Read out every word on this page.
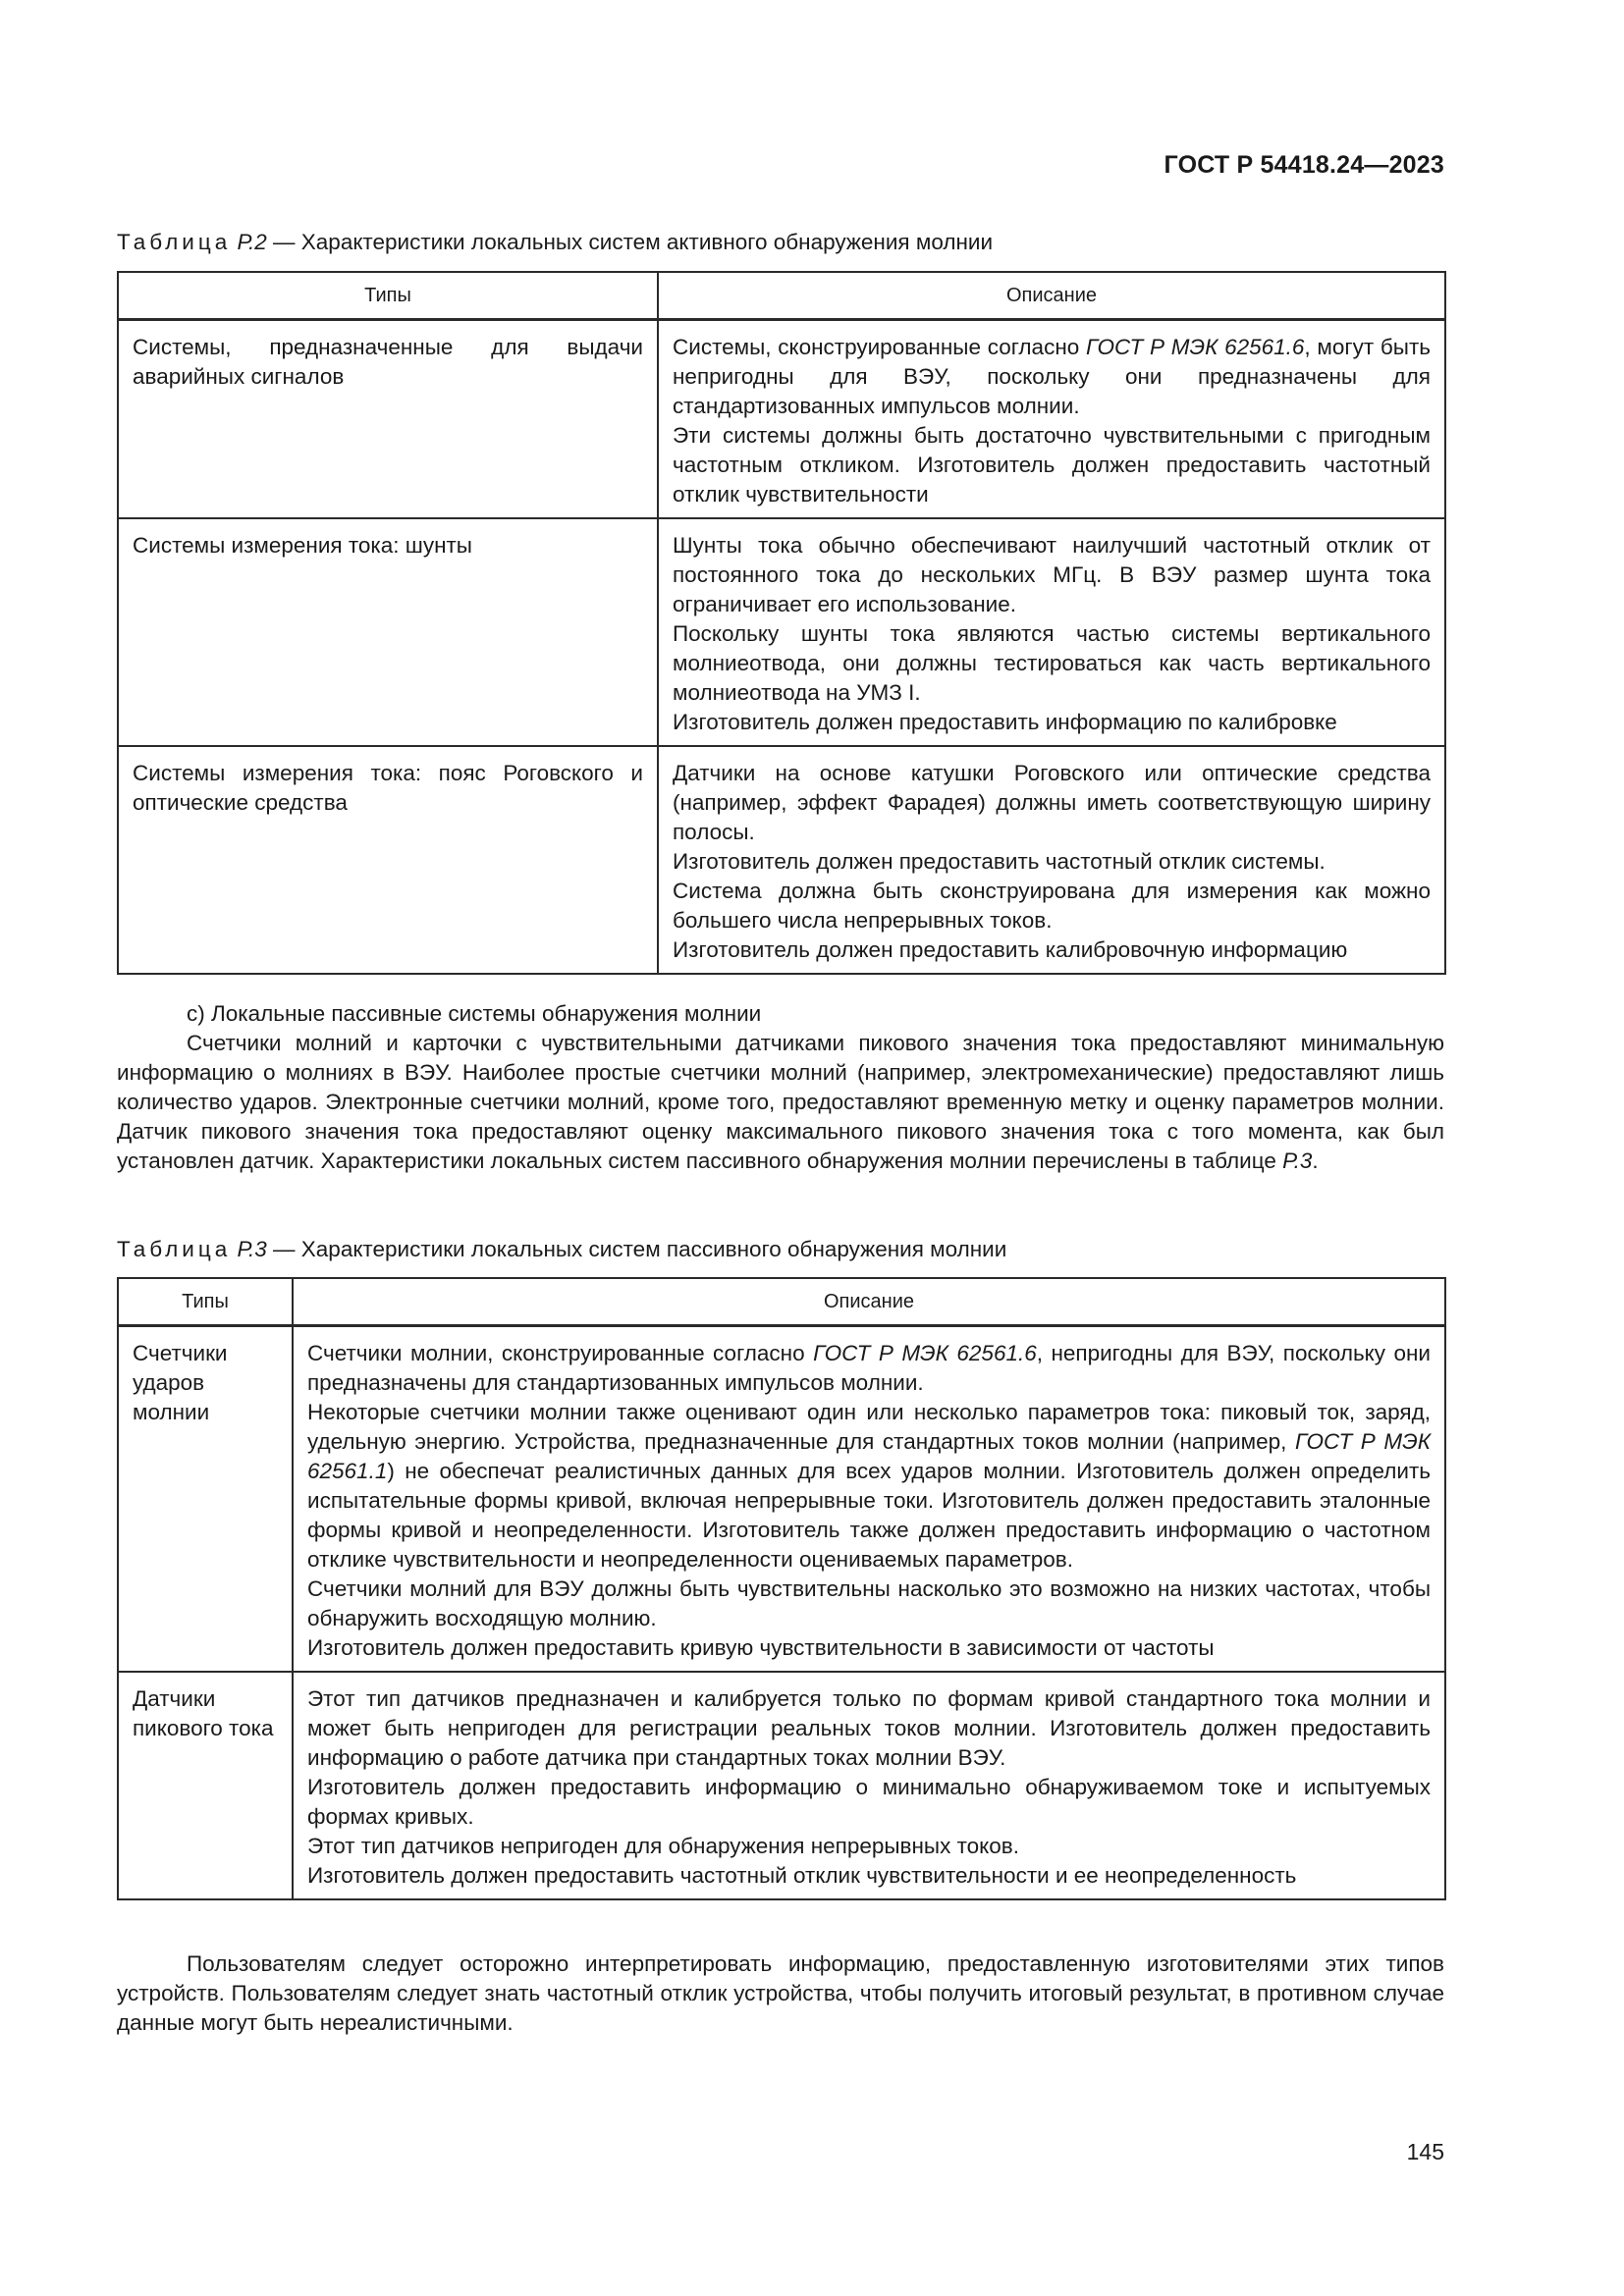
ГОСТ Р 54418.24—2023
Таблица Р.2 — Характеристики локальных систем активного обнаружения молнии
Типы	Описание
Системы, предназначенные для выдачи аварийных сигналов	Системы, сконструированные согласно ГОСТ Р МЭК 62561.6, могут быть непригодны для ВЭУ, поскольку они предназначены для стандартизованных импульсов молнии.
Эти системы должны быть достаточно чувствительными с пригодным частотным откликом. Изготовитель должен предоставить частотный отклик чувствительности

Системы измерения тока: шунты	Шунты тока обычно обеспечивают наилучший частотный отклик от постоянного тока до нескольких МГц. В ВЭУ размер шунта тока ограничивает его использование.
Поскольку шунты тока являются частью системы вертикального молниеотвода, они должны тестироваться как часть вертикального молниеотвода на УМЗ I.
Изготовитель должен предоставить информацию по калибровке

Системы измерения тока: пояс Роговского и оптические средства	Датчики на основе катушки Роговского или оптические средства (например, эффект Фарадея) должны иметь соответствующую ширину полосы.
Изготовитель должен предоставить частотный отклик системы.
Система должна быть сконструирована для измерения как можно большего числа непрерывных токов.
Изготовитель должен предоставить калибровочную информацию
c) Локальные пассивные системы обнаружения молнии
Счетчики молний и карточки с чувствительными датчиками пикового значения тока предоставляют минимальную информацию о молниях в ВЭУ. Наиболее простые счетчики молний (например, электромеханические) предоставляют лишь количество ударов. Электронные счетчики молний, кроме того, предоставляют временную метку и оценку параметров молнии. Датчик пикового значения тока предоставляют оценку максимального пикового значения тока с того момента, как был установлен датчик. Характеристики локальных систем пассивного обнаружения молнии перечислены в таблице Р.3.
Таблица Р.3 — Характеристики локальных систем пассивного обнаружения молнии
Типы	Описание
Счетчики ударов молнии	Счетчики молнии, сконструированные согласно ГОСТ Р МЭК 62561.6, непригодны для ВЭУ, поскольку они предназначены для стандартизованных импульсов молнии.
Некоторые счетчики молнии также оценивают один или несколько параметров тока: пиковый ток, заряд, удельную энергию. Устройства, предназначенные для стандартных токов молнии (например, ГОСТ Р МЭК 62561.1) не обеспечат реалистичных данных для всех ударов молнии. Изготовитель должен определить испытательные формы кривой, включая непрерывные токи. Изготовитель должен предоставить эталонные формы кривой и неопределенности. Изготовитель также должен предоставить информацию о частотном отклике чувствительности и неопределенности оцениваемых параметров.
Счетчики молний для ВЭУ должны быть чувствительны насколько это возможно на низких частотах, чтобы обнаружить восходящую молнию.
Изготовитель должен предоставить кривую чувствительности в зависимости от частоты

Датчики пикового тока	Этот тип датчиков предназначен и калибруется только по формам кривой стандартного тока молнии и может быть непригоден для регистрации реальных токов молнии. Изготовитель должен предоставить информацию о работе датчика при стандартных токах молнии ВЭУ.
Изготовитель должен предоставить информацию о минимально обнаруживаемом токе и испытуемых формах кривых.
Этот тип датчиков непригоден для обнаружения непрерывных токов.
Изготовитель должен предоставить частотный отклик чувствительности и ее неопределенность
Пользователям следует осторожно интерпретировать информацию, предоставленную изготовителями этих типов устройств. Пользователям следует знать частотный отклик устройства, чтобы получить итоговый результат, в противном случае данные могут быть нереалистичными.
145
